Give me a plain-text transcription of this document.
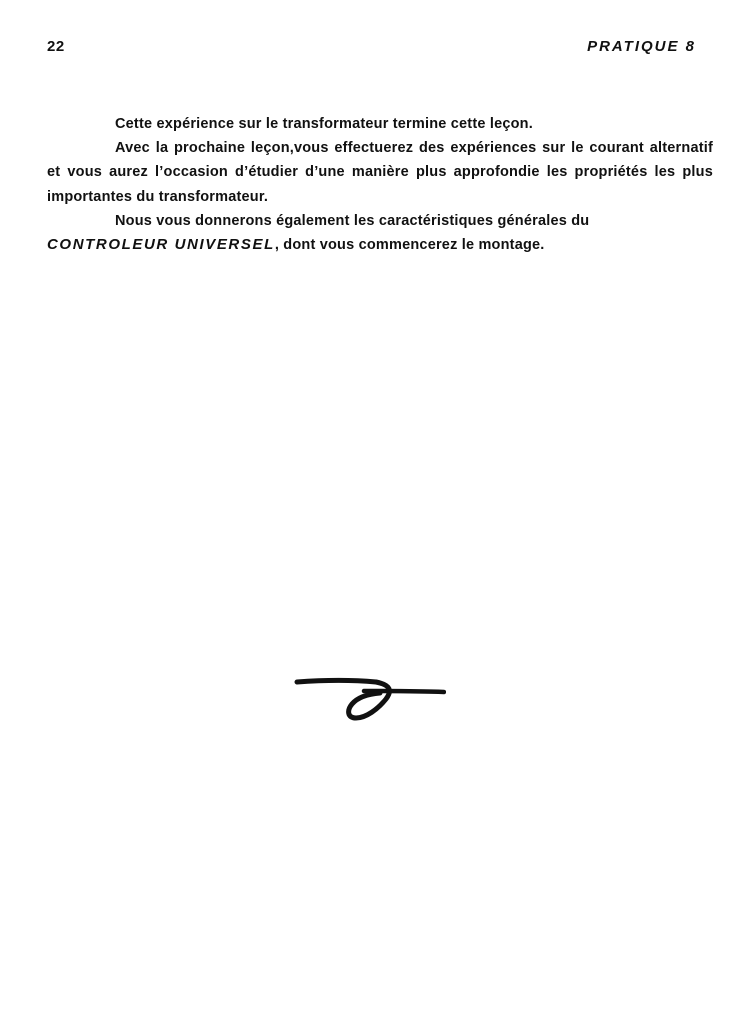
22	PRATIQUE 8

Cette expérience sur le transformateur termine cette leçon.

Avec la prochaine leçon,vous effectuerez des expériences sur le courant alternatif et vous aurez l’occasion d’étudier d’une manière plus approfondie les propriétés les plus importantes du transformateur.

Nous vous donnerons également les caractéristiques générales du
CONTROLEUR UNIVERSEL, dont vous commencerez le montage.
